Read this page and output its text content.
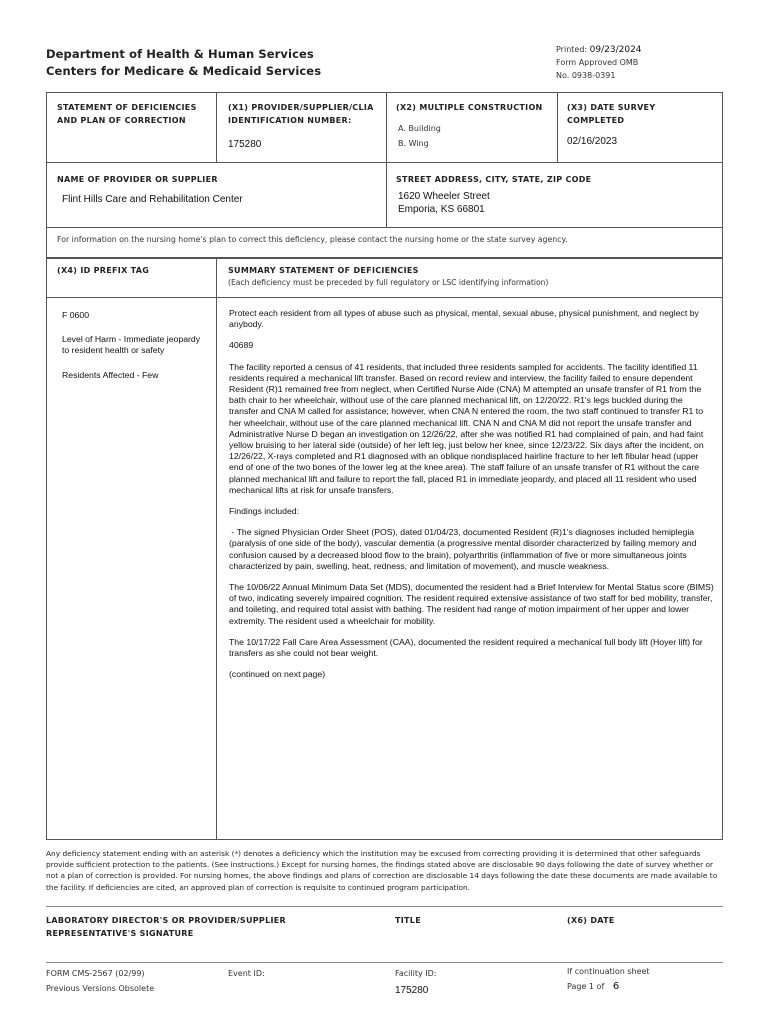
Department of Health & Human Services
Centers for Medicare & Medicaid Services
Printed: 09/23/2024
Form Approved OMB
No. 0938-0391
STATEMENT OF DEFICIENCIES
AND PLAN OF CORRECTION
(X1) PROVIDER/SUPPLIER/CLIA
IDENTIFICATION NUMBER:
175280
(X2) MULTIPLE CONSTRUCTION
A. Building
B. Wing
(X3) DATE SURVEY
COMPLETED
02/16/2023
NAME OF PROVIDER OR SUPPLIER
Flint Hills Care and Rehabilitation Center
STREET ADDRESS, CITY, STATE, ZIP CODE
1620 Wheeler Street
Emporia, KS 66801
For information on the nursing home's plan to correct this deficiency, please contact the nursing home or the state survey agency.
(X4) ID PREFIX TAG	SUMMARY STATEMENT OF DEFICIENCIES
(Each deficiency must be preceded by full regulatory or LSC identifying information)
F 0600
Level of Harm - Immediate jeopardy to resident health or safety
Residents Affected - Few

Protect each resident from all types of abuse such as physical, mental, sexual abuse, physical punishment, and neglect by anybody.

40689

The facility reported a census of 41 residents, that included three residents sampled for accidents. The facility identified 11 residents required a mechanical lift transfer. Based on record review and interview, the facility failed to ensure dependent Resident (R)1 remained free from neglect, when Certified Nurse Aide (CNA) M attempted an unsafe transfer of R1 from the bath chair to her wheelchair, without use of the care planned mechanical lift, on 12/20/22. R1's legs buckled during the transfer and CNA M called for assistance; however, when CNA N entered the room, the two staff continued to transfer R1 to her wheelchair, without use of the care planned mechanical lift. CNA N and CNA M did not report the unsafe transfer and Administrative Nurse D began an investigation on 12/26/22, after she was notified R1 had complained of pain, and had faint yellow bruising to her lateral side (outside) of her left leg, just below her knee, since 12/23/22. Six days after the incident, on 12/26/22, X-rays completed and R1 diagnosed with an oblique nondisplaced hairline fracture to her left fibular head (upper end of one of the two bones of the lower leg at the knee area). The staff failure of an unsafe transfer of R1 without the care planned mechanical lift and failure to report the fall, placed R1 in immediate jeopardy, and placed all 11 resident who used mechanical lifts at risk for unsafe transfers.

Findings included:

- The signed Physician Order Sheet (POS), dated 01/04/23, documented Resident (R)1's diagnoses included hemiplegia (paralysis of one side of the body), vascular dementia (a progressive mental disorder characterized by failing memory and confusion caused by a decreased blood flow to the brain), polyarthritis (inflammation of five or more simultaneous joints characterized by pain, swelling, heat, redness, and limitation of movement), and muscle weakness.

The 10/06/22 Annual Minimum Data Set (MDS), documented the resident had a Brief Interview for Mental Status score (BIMS) of two, indicating severely impaired cognition. The resident required extensive assistance of two staff for bed mobility, transfer, and toileting, and required total assist with bathing. The resident had range of motion impairment of her upper and lower extremity. The resident used a wheelchair for mobility.

The 10/17/22 Fall Care Area Assessment (CAA), documented the resident required a mechanical full body lift (Hoyer lift) for transfers as she could not bear weight.

(continued on next page)

Any deficiency statement ending with an asterisk (*) denotes a deficiency which the institution may be excused from correcting providing it is determined that other safeguards provide sufficient protection to the patients. (See instructions.) Except for nursing homes, the findings stated above are disclosable 90 days following the date of survey whether or not a plan of correction is provided. For nursing homes, the above findings and plans of correction are disclosable 14 days following the date these documents are made available to the facility. If deficiencies are cited, an approved plan of correction is requisite to continued program participation.
LABORATORY DIRECTOR'S OR PROVIDER/SUPPLIER
REPRESENTATIVE'S SIGNATURE
TITLE	(X6) DATE
FORM CMS-2567 (02/99)
Previous Versions Obsolete
Event ID:	Facility ID:
175280
If continuation sheet
Page 1 of 6
